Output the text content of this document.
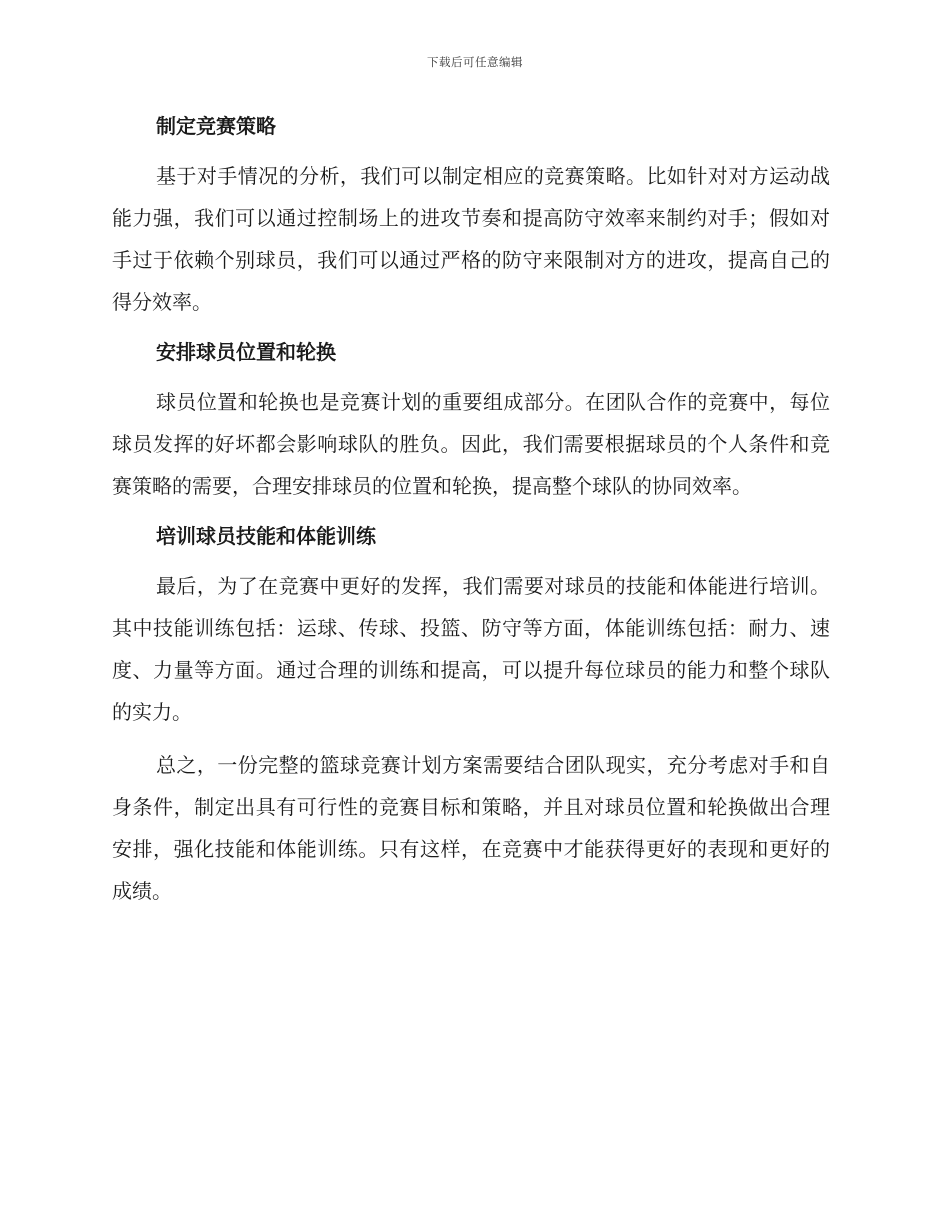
下载后可任意编辑
制定竞赛策略

基于对手情况的分析，我们可以制定相应的竞赛策略。比如针对对方运动战能力强，我们可以通过控制场上的进攻节奏和提高防守效率来制约对手；假如对手过于依赖个别球员，我们可以通过严格的防守来限制对方的进攻，提高自己的得分效率。

安排球员位置和轮换

球员位置和轮换也是竞赛计划的重要组成部分。在团队合作的竞赛中，每位球员发挥的好坏都会影响球队的胜负。因此，我们需要根据球员的个人条件和竞赛策略的需要，合理安排球员的位置和轮换，提高整个球队的协同效率。

培训球员技能和体能训练

最后，为了在竞赛中更好的发挥，我们需要对球员的技能和体能进行培训。其中技能训练包括：运球、传球、投篮、防守等方面，体能训练包括：耐力、速度、力量等方面。通过合理的训练和提高，可以提升每位球员的能力和整个球队的实力。

总之，一份完整的篮球竞赛计划方案需要结合团队现实，充分考虑对手和自身条件，制定出具有可行性的竞赛目标和策略，并且对球员位置和轮换做出合理安排，强化技能和体能训练。只有这样，在竞赛中才能获得更好的表现和更好的成绩。
